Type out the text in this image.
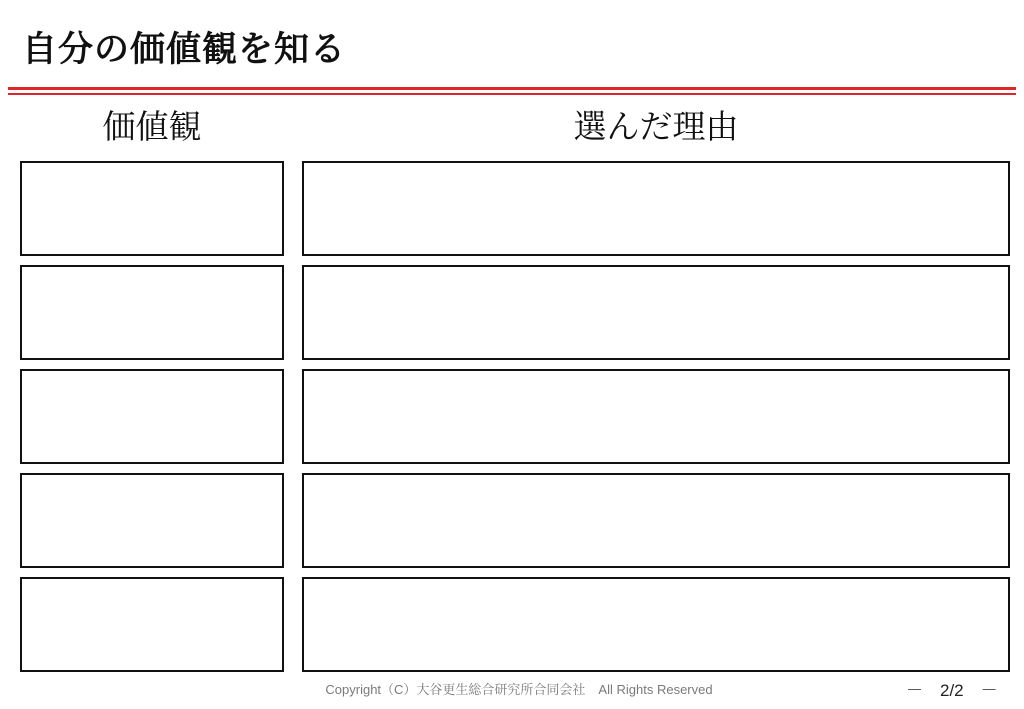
自分の価値観を知る
価値観	選んだ理由
Copyright（C）大谷更生総合研究所合同会社　All Rights Reserved	－　2/2　－
